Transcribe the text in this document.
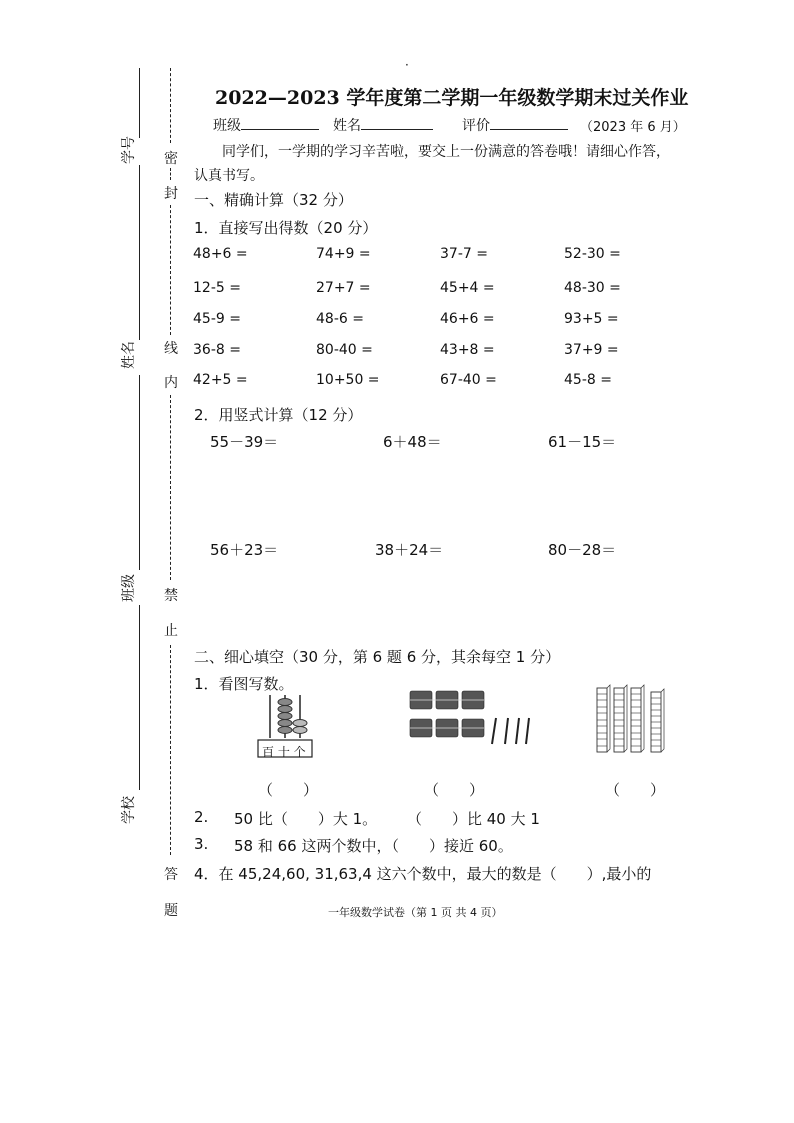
学号
姓名
班级
学校
密
封
线
内
禁
止
答
题
·
2022—2023 学年度第二学期一年级数学期末过关作业
班级	姓名	评价	（2023 年 6 月）
同学们，一学期的学习辛苦啦，要交上一份满意的答卷哦！请细心作答，
认真书写。
一、精确计算（32 分）
1．直接写出得数（20 分）
48+6 =	74+9 =	37-7 =	52-30 =
12-5 =	27+7 =	45+4 =	48-30 =
45-9 =	48-6 =	46+6 =	93+5 =
36-8 =	80-40 =	43+8 =	37+9 =
42+5 =	10+50 =	67-40 =	45-8 =
2．用竖式计算（12 分）
55－39＝	6＋48＝	61－15＝
56＋23＝	38＋24＝	80－28＝
二、细心填空（30 分，第 6 题 6 分，其余每空 1 分）
1．看图写数。
百 十 个
（　　）	（　　）	（　　）
2. 50 比（　　）大 1。 （　　）比 40 大 1
3. 58 和 66 这两个数中，（　　）接近 60。
4．在 45,24,60, 31,63,4 这六个数中，最大的数是（　　）,最小的
一年级数学试卷（第 1 页 共 4 页）
